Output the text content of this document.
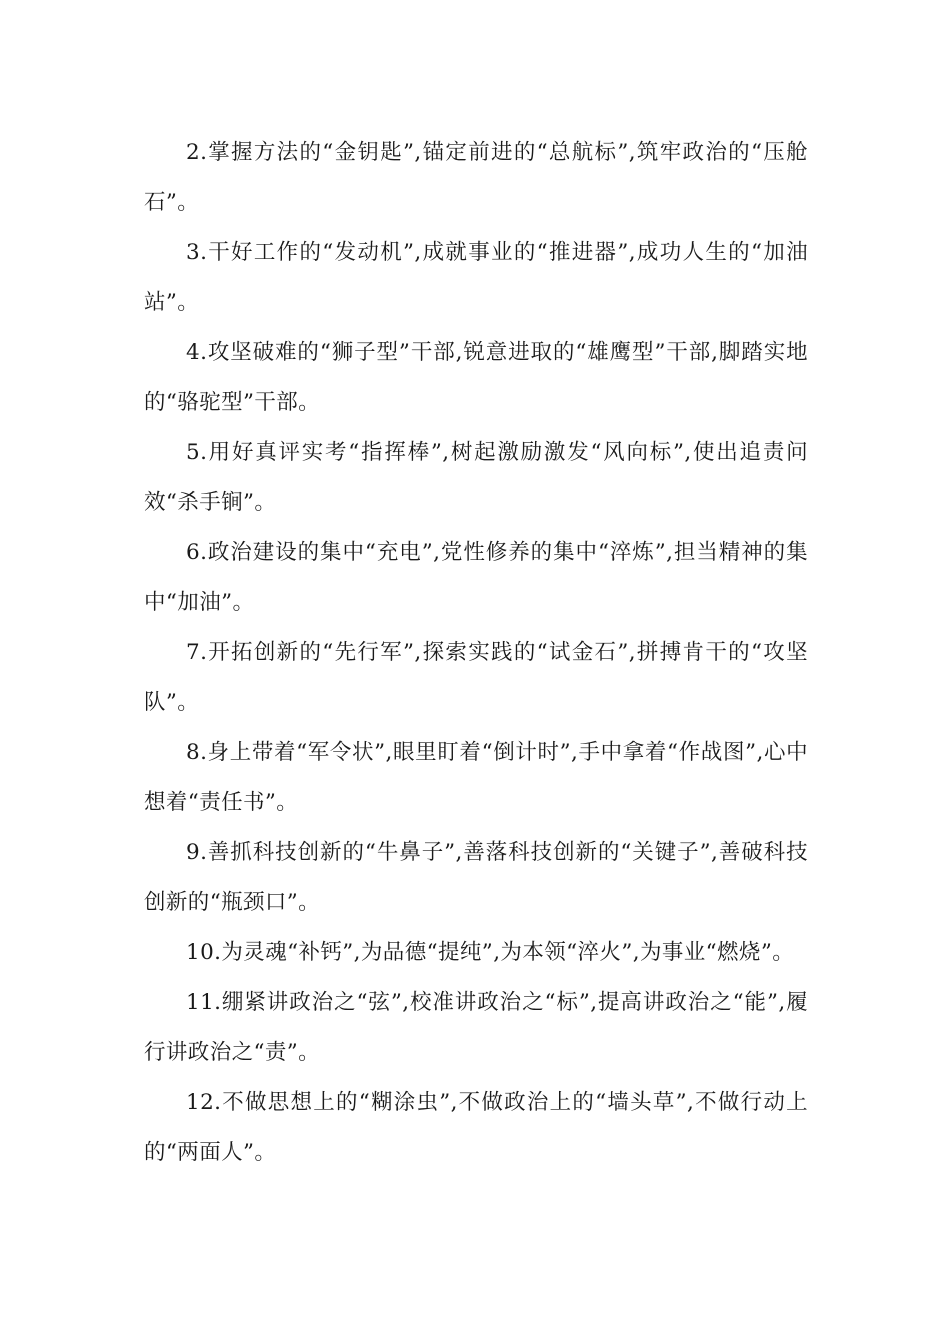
2.掌握方法的“金钥匙”,锚定前进的“总航标”,筑牢政治的“压舱石”。

3.干好工作的“发动机”,成就事业的“推进器”,成功人生的“加油站”。

4.攻坚破难的“狮子型”干部,锐意进取的“雄鹰型”干部,脚踏实地的“骆驼型”干部。

5.用好真评实考“指挥棒”,树起激励激发“风向标”,使出追责问效“杀手锏”。

6.政治建设的集中“充电”,党性修养的集中“淬炼”,担当精神的集中“加油”。

7.开拓创新的“先行军”,探索实践的“试金石”,拼搏肯干的“攻坚队”。

8.身上带着“军令状”,眼里盯着“倒计时”,手中拿着“作战图”,心中想着“责任书”。

9.善抓科技创新的“牛鼻子”,善落科技创新的“关键子”,善破科技创新的“瓶颈口”。

10.为灵魂“补钙”,为品德“提纯”,为本领“淬火”,为事业“燃烧”。

11.绷紧讲政治之“弦”,校准讲政治之“标”,提高讲政治之“能”,履行讲政治之“责”。

12.不做思想上的“糊涂虫”,不做政治上的“墙头草”,不做行动上的“两面人”。
